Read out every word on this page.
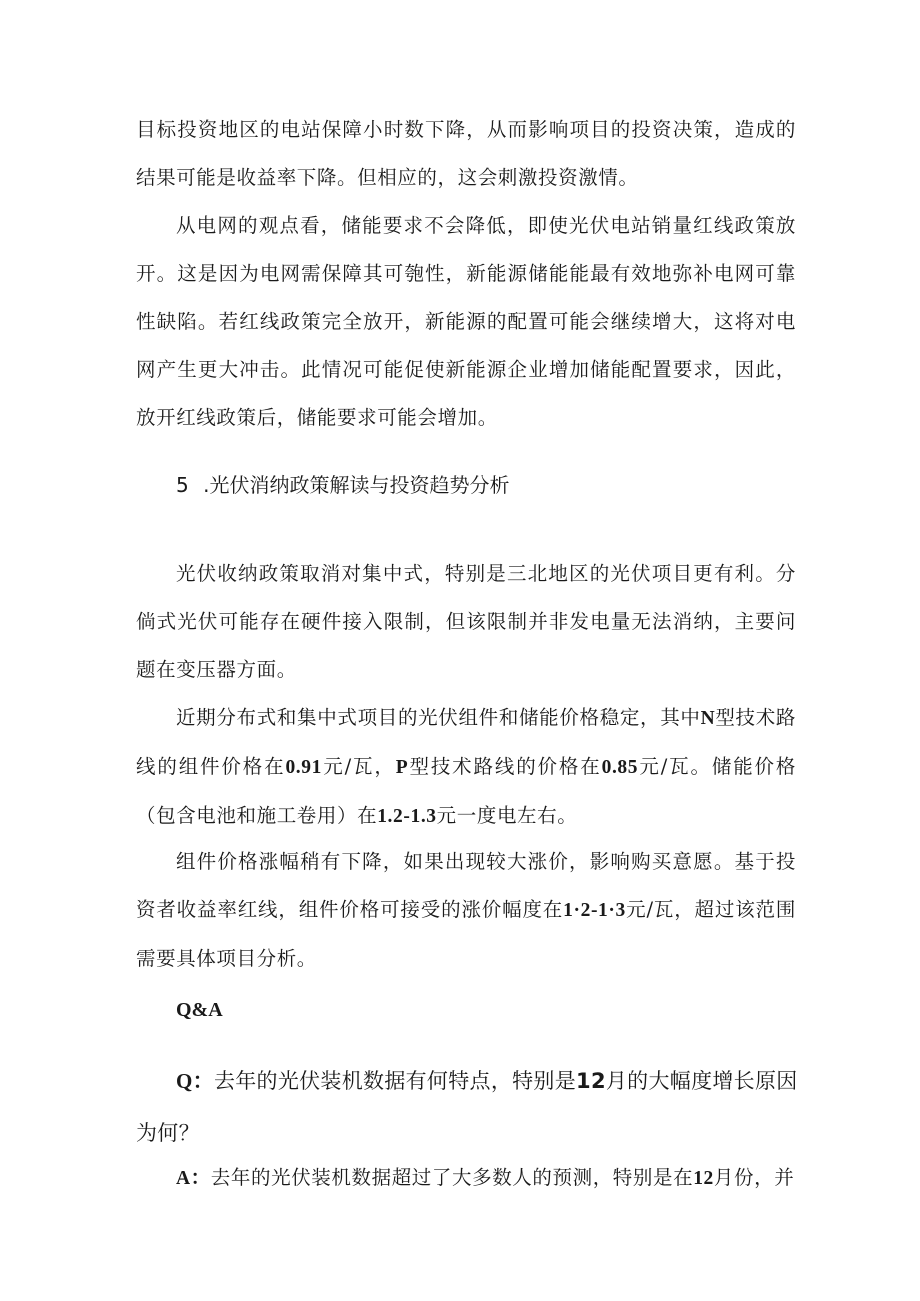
目标投资地区的电站保障小时数下降，从而影响项目的投资决策，造成的结果可能是收益率下降。但相应的，这会刺激投资激情。

从电网的观点看，储能要求不会降低，即使光伏电站销量红线政策放开。这是因为电网需保障其可匏性，新能源储能能最有效地弥补电网可靠性缺陷。若红线政策完全放开，新能源的配置可能会继续增大，这将对电网产生更大冲击。此情况可能促使新能源企业增加储能配置要求，因此，放开红线政策后，储能要求可能会增加。

5 .光伏消纳政策解读与投资趋势分析

光伏收纳政策取消对集中式，特别是三北地区的光伏项目更有利。分倘式光伏可能存在硬件接入限制，但该限制并非发电量无法消纳，主要问题在变压器方面。

近期分布式和集中式项目的光伏组件和储能价格稳定，其中N型技术路线的组件价格在0.91元/瓦，P型技术路线的价格在0.85元/瓦。储能价格（包含电池和施工卷用）在1.2-1.3元一度电左右。

组件价格涨幅稍有下降，如果出现较大涨价，影响购买意愿。基于投资者收益率红线，组件价格可接受的涨价幅度在1·2-1·3元/瓦，超过该范围需要具体项目分析。

Q&A

Q：去年的光伏装机数据有何特点，特别是12月的大幅度增长原因为何？

A：去年的光伏装机数据超过了大多数人的预测，特别是在12月份，并
